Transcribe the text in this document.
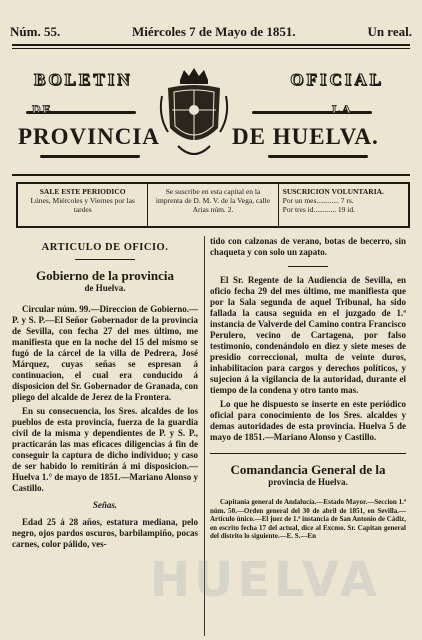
Núm. 55.	Miércoles 7 de Mayo de 1851.	Un real.
BOLETIN	OFICIAL
DE	LA
PROVINCIA	DE HUELVA.
SALE ESTE PERIODICO
Lúnes, Miércoles y Viernes por las tardes
Se suscribe en esta capital en la imprenta de D. M. V. de la Vega, calle Arias núm. 2.
SUSCRICION VOLUNTARIA.
Por un mes............ 7 rs.
Por tres id............ 19 id.
ARTICULO DE OFICIO.
Gobierno de la provincia
de Huelva.

Circular núm. 99.—Direccion de Gobierno.—P. y S. P.—El Señor Gobernador de la provincia de Sevilla, con fecha 27 del mes último, me manifiesta que en la noche del 15 del mismo se fugó de la cárcel de la villa de Pedrera, José Márquez, cuyas señas se espresan á continuacion, el cual era conducido á disposicion del Sr. Gobernador de Granada, con pliego del alcalde de Jerez de la Frontera.

En su consecuencia, los Sres. alcaldes de los pueblos de esta provincia, fuerza de la guardia civil de la misma y dependientes de P. y S. P., practicarán las mas eficaces diligencias á fin de conseguir la captura de dicho individuo; y caso de ser habido lo remitirán á mi disposicion.—Huelva 1.° de mayo de 1851.—Mariano Alonso y Castillo.

Señas.

Edad 25 á 28 años, estatura mediana, pelo negro, ojos pardos oscuros, barbilampiño, pocas carnes, color pálido, ves-

tido con calzonas de verano, botas de becerro, sin chaqueta y con solo un zapato.

El Sr. Regente de la Audiencia de Sevilla, en oficio fecha 29 del mes último, me manifiesta que por la Sala segunda de aquel Tribunal, ha sido fallada la causa seguida en el juzgado de 1.ª instancia de Valverde del Camino contra Francisco Perulero, vecino de Cartagena, por falso testimonio, condenándolo en diez y siete meses de presidio correccional, multa de veinte duros, inhabilitacion para cargos y derechos políticos, y sujecion á la vigilancia de la autoridad, durante el tiempo de la condena y otro tanto mas.

Lo que he dispuesto se inserte en este periódico oficial para conocimiento de los Sres. alcaldes y demas autoridades de esta provincia. Huelva 5 de mayo de 1851.—Mariano Alonso y Castillo.

Comandancia General de la
provincia de Huelva.

Capitanía general de Andalucía.—Estado Mayor.—Seccion 1.ª núm. 50.—Orden general del 30 de abril de 1851, en Sevilla.—Artículo único.—El juez de 1.ª instancia de San Antonio de Cádiz, en escrito fecha 17 del actual, dice al Excmo. Sr. Capitan general del distrito lo siguiente.—E. S.—En

HUELVA
